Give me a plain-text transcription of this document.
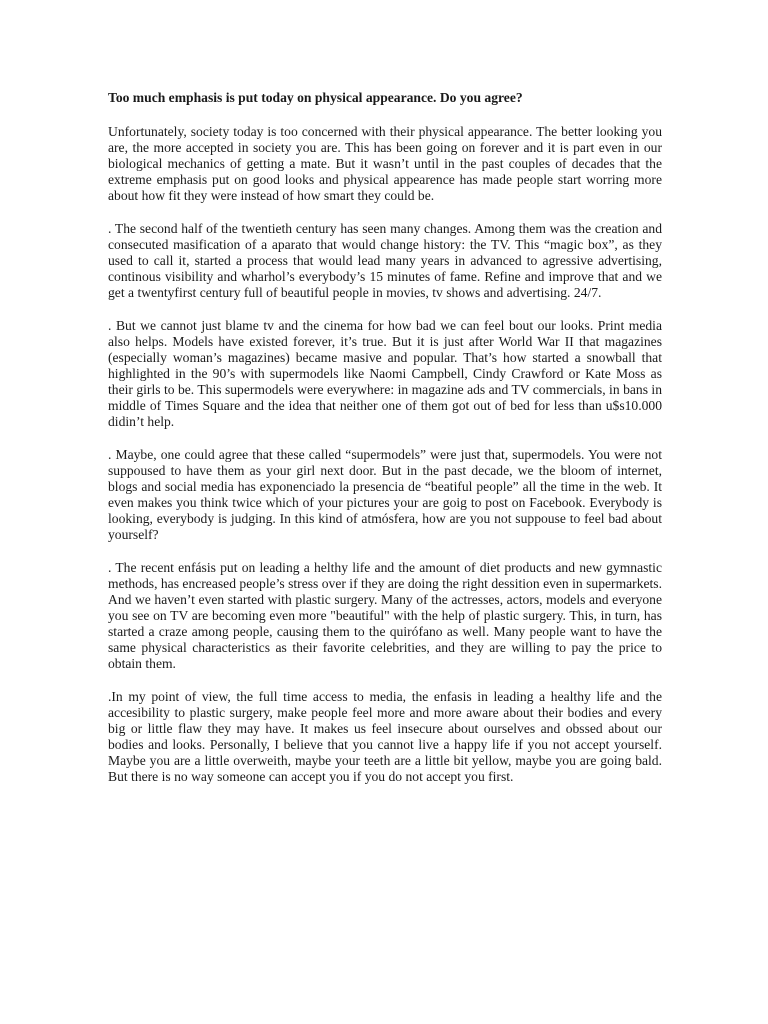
Too much emphasis is put today on physical appearance. Do you agree?

Unfortunately, society today is too concerned with their physical appearance. The better looking you are, the more accepted in society you are. This has been going on forever and it is part even in our biological mechanics of getting a mate. But it wasn’t until in the past couples of decades that the extreme emphasis put on good looks and physical appearence has made people start worring more about how fit they were instead of how smart they could be.

. The second half of the twentieth century has seen many changes. Among them was the creation and consecuted masification of a aparato that would change history: the TV. This “magic box”, as they used to call it, started a process that would lead many years in advanced to agressive advertising, continous visibility and wharhol’s everybody’s 15 minutes of fame. Refine and improve that and we get a twentyfirst century full of beautiful people in movies, tv shows and advertising. 24/7.

. But we cannot just blame tv and the cinema for how bad we can feel bout our looks. Print media also helps. Models have existed forever, it’s true. But it is just after World War II that magazines (especially woman’s magazines) became masive and popular. That’s how started a snowball that highlighted in the 90’s with supermodels like Naomi Campbell, Cindy Crawford or Kate Moss as their girls to be. This supermodels were everywhere: in magazine ads and TV commercials, in bans in middle of Times Square and the idea that neither one of them got out of bed for less than u$s10.000 didin’t help.

. Maybe, one could agree that these called “supermodels” were just that, supermodels. You were not suppoused to have them as your girl next door. But in the past decade, we the bloom of internet, blogs and social media has exponenciado la presencia de “beatiful people” all the time in the web. It even makes you think twice which of your pictures your are goig to post on Facebook. Everybody is looking, everybody is judging. In this kind of atmósfera, how are you not suppouse to feel bad about yourself?

. The recent enfásis put on leading a helthy life and the amount of diet products and new gymnastic methods, has encreased people’s stress over if they are doing the right dessition even in supermarkets. And we haven’t even started with plastic surgery. Many of the actresses, actors, models and everyone you see on TV are becoming even more "beautiful" with the help of plastic surgery. This, in turn, has started a craze among people, causing them to the quirófano as well. Many people want to have the same physical characteristics as their favorite celebrities, and they are willing to pay the price to obtain them.

.In my point of view, the full time access to media, the enfasis in leading a healthy life and the accesibility to plastic surgery, make people feel more and more aware about their bodies and every big or little flaw they may have. It makes us feel insecure about ourselves and obssed about our bodies and looks. Personally, I believe that you cannot live a happy life if you not accept yourself. Maybe you are a little overweith, maybe your teeth are a little bit yellow, maybe you are going bald. But there is no way someone can accept you if you do not accept you first.
